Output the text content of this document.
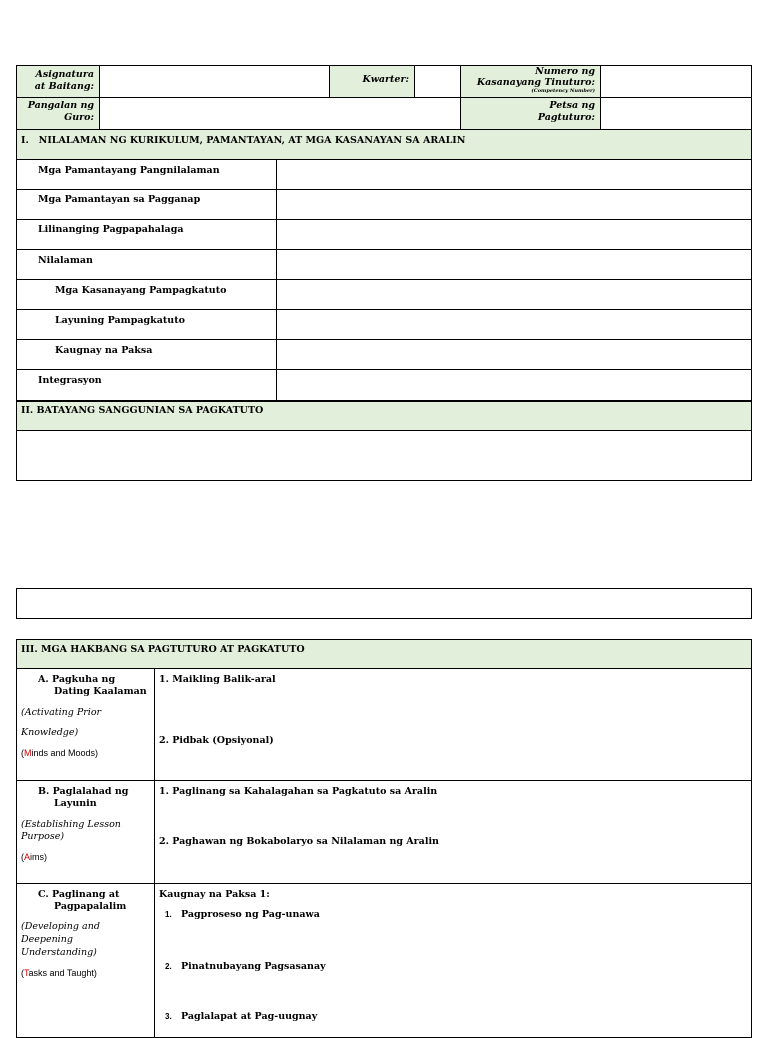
Asignatura
at Baitang:
Kwarter:
Numero ng
Kasanayang Tinuturo:
(Competency Number)
Pangalan ng
Guro:
Petsa ng
Pagtuturo:
I.   NILALAMAN NG KURIKULUM, PAMANTAYAN, AT MGA KASANAYAN SA ARALIN
Mga Pamantayang Pangnilalaman
Mga Pamantayan sa Pagganap
Lilinanging Pagpapahalaga
Nilalaman
Mga Kasanayang Pampagkatuto
Layuning Pampagkatuto
Kaugnay na Paksa
Integrasyon
II. BATAYANG SANGGUNIAN SA PAGKATUTO
III. MGA HAKBANG SA PAGTUTURO AT PAGKATUTO
A. Pagkuha ng
Dating Kaalaman
(Activating Prior
Knowledge)
(Minds and Moods)
1. Maikling Balik-aral
2. Pidbak (Opsiyonal)
B. Paglalahad ng
Layunin
(Establishing Lesson
Purpose)
(Aims)
1. Paglinang sa Kahalagahan sa Pagkatuto sa Aralin
2. Paghawan ng Bokabolaryo sa Nilalaman ng Aralin
C. Paglinang at
Pagpapalalim
(Developing and
Deepening
Understanding)
(Tasks and Taught)
Kaugnay na Paksa 1:
1. Pagproseso ng Pag-unawa
2. Pinatnubayang Pagsasanay
3. Paglalapat at Pag-uugnay
